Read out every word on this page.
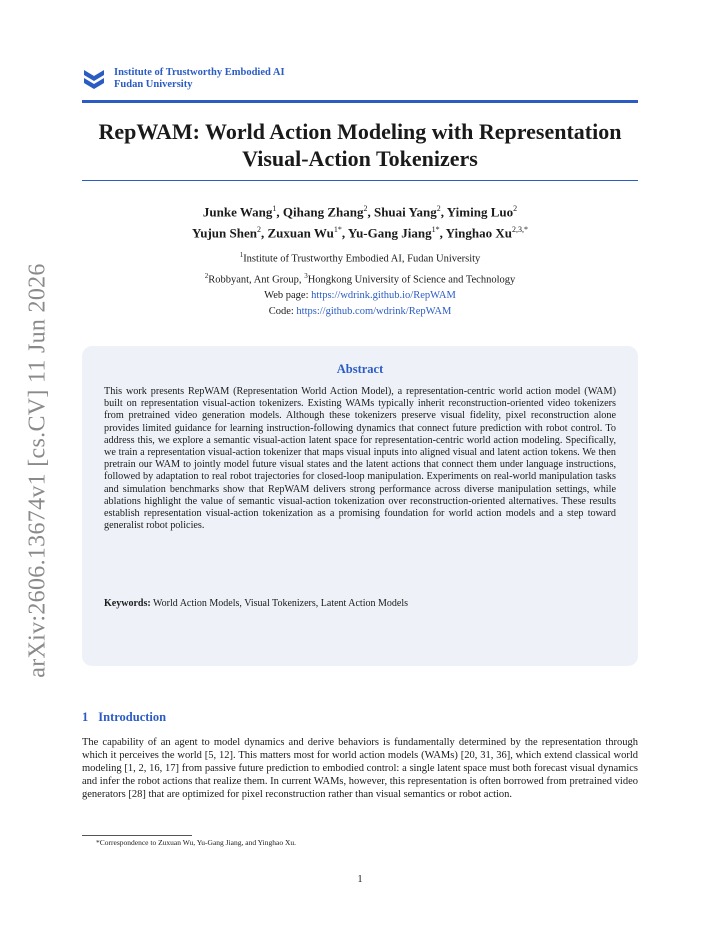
arXiv:2606.13674v1 [cs.CV] 11 Jun 2026
Institute of Trustworthy Embodied AI
Fudan University
RepWAM: World Action Modeling with Representation
Visual-Action Tokenizers
Junke Wang$^1$, Qihang Zhang$^2$, Shuai Yang$^2$, Yiming Luo$^2$
Yujun Shen$^2$, Zuxuan $Wu^{1*}$, Yu-Gang Jiang$^{1*}$, Yinghao $Xu^{2,3,*}$
$^1$Institute of Trustworthy Embodied AI, Fudan University
$^2$Robbyant, Ant Group, $^3$Hongkong University of Science and Technology
Web page: https://wdrink.github.io/RepWAM
Code: https://github.com/wdrink/RepWAM
Abstract
This work presents RepWAM (Representation World Action Model), a representation-centric world action model (WAM) built on representation visual-action tokenizers. Existing WAMs typically inherit reconstruction-oriented video tokenizers from pretrained video generation models. Although these tokenizers preserve visual fidelity, pixel reconstruction alone provides limited guidance for learning instruction-following dynamics that connect future prediction with robot control. To address this, we explore a semantic visual-action latent space for representation-centric world action modeling. Specifically, we train a representation visual-action tokenizer that maps visual inputs into aligned visual and latent action tokens. We then pretrain our WAM to jointly model future visual states and the latent actions that connect them under language instructions, followed by adaptation to real robot trajectories for closed-loop manipulation. Experiments on real-world manipulation tasks and simulation benchmarks show that RepWAM delivers strong performance across diverse manipulation settings, while ablations highlight the value of semantic visual-action tokenization over reconstruction-oriented alternatives. These results establish representation visual-action tokenization as a promising foundation for world action models and a step toward generalist robot policies.
Keywords: World Action Models, Visual Tokenizers, Latent Action Models
1 Introduction
The capability of an agent to model dynamics and derive behaviors is fundamentally determined by the representation through which it perceives the world [5, 12]. This matters most for world action models (WAMs) [20, 31, 36], which extend classical world modeling [1, 2, 16, 17] from passive future prediction to embodied control: a single latent space must both forecast visual dynamics and infer the robot actions that realize them. In current WAMs, however, this representation is often borrowed from pretrained video generators [28] that are optimized for pixel reconstruction rather than visual semantics or robot action.
*Correspondence to Zuxuan Wu, Yu-Gang Jiang, and Yinghao Xu.
1
